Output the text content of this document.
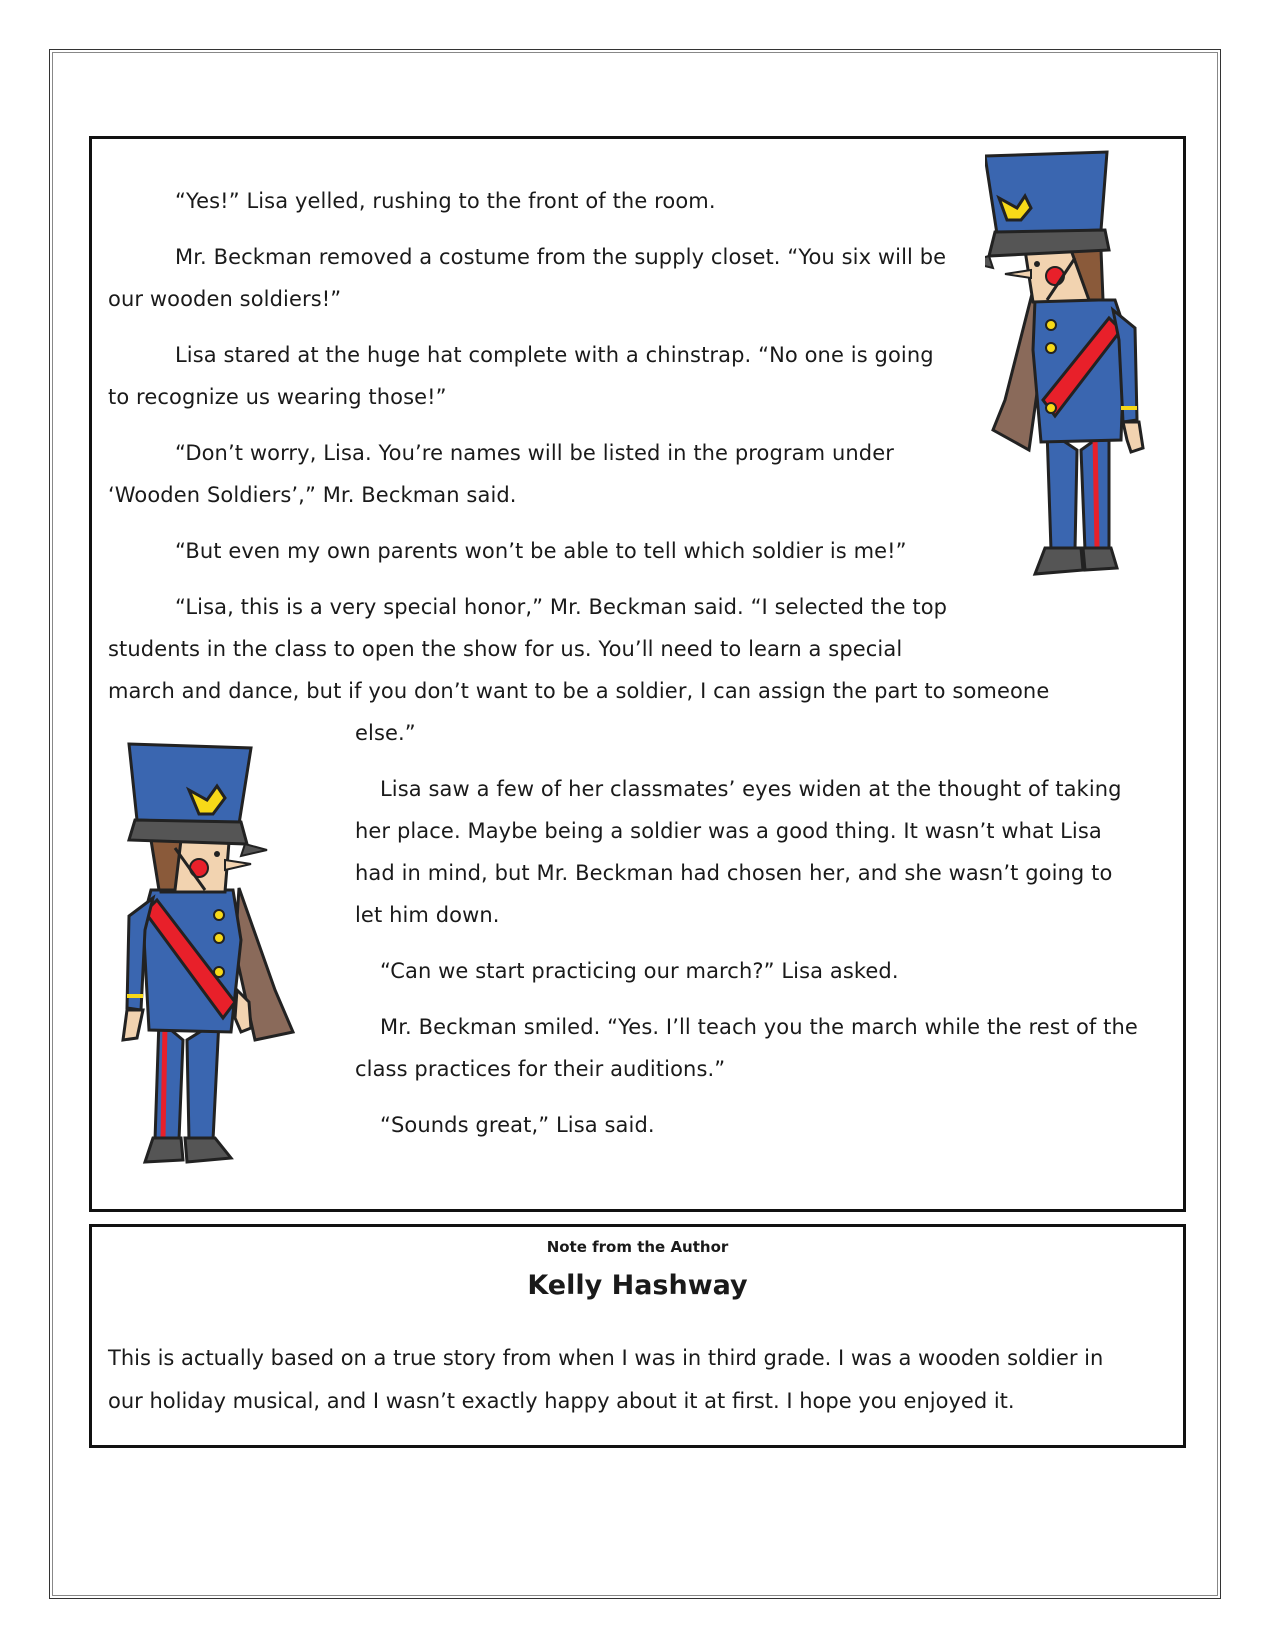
“Yes!” Lisa yelled, rushing to the front of the room.

Mr. Beckman removed a costume from the supply closet. “You six will be

our wooden soldiers!”

Lisa stared at the huge hat complete with a chinstrap. “No one is going

to recognize us wearing those!”

“Don’t worry, Lisa. You’re names will be listed in the program under

‘Wooden Soldiers’,” Mr. Beckman said.

“But even my own parents won’t be able to tell which soldier is me!”

“Lisa, this is a very special honor,” Mr. Beckman said. “I selected the top

students in the class to open the show for us. You’ll need to learn a special

march and dance, but if you don’t want to be a soldier, I can assign the part to someone

else.”

Lisa saw a few of her classmates’ eyes widen at the thought of taking

her place. Maybe being a soldier was a good thing. It wasn’t what Lisa

had in mind, but Mr. Beckman had chosen her, and she wasn’t going to

let him down.

“Can we start practicing our march?” Lisa asked.

Mr. Beckman smiled. “Yes. I’ll teach you the march while the rest of the

class practices for their auditions.”

“Sounds great,” Lisa said.

Note from the Author
Kelly Hashway
This is actually based on a true story from when I was in third grade. I was a wooden soldier in
our holiday musical, and I wasn’t exactly happy about it at first. I hope you enjoyed it.
